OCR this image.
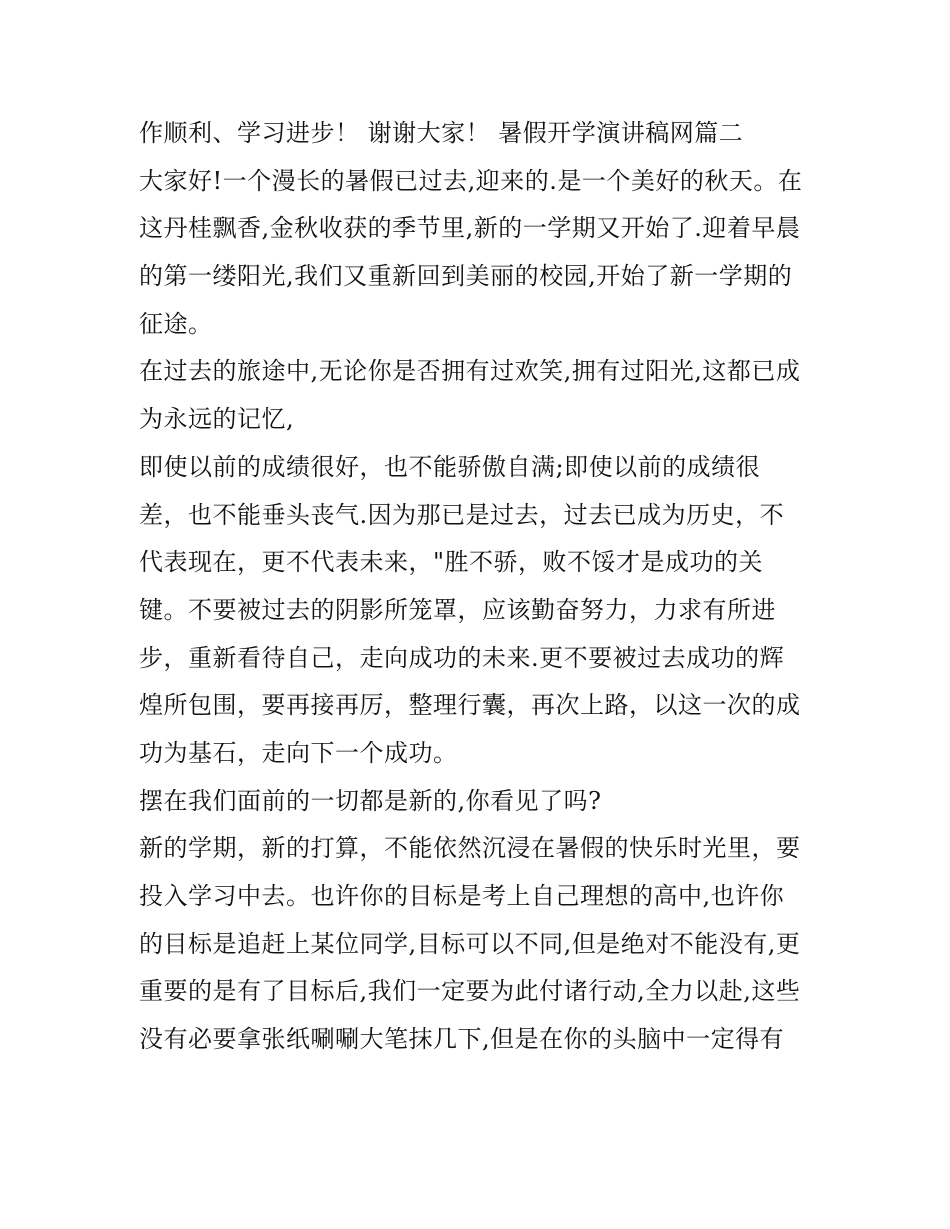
作顺利、学习进步！ 谢谢大家！ 暑假开学演讲稿网篇二
大家好!一个漫长的暑假已过去,迎来的.是一个美好的秋天。在
这丹桂飘香,金秋收获的季节里,新的一学期又开始了.迎着早晨
的第一缕阳光,我们又重新回到美丽的校园,开始了新一学期的
征途。
在过去的旅途中,无论你是否拥有过欢笑,拥有过阳光,这都已成
为永远的记忆,
即使以前的成绩很好，也不能骄傲自满;即使以前的成绩很
差，也不能垂头丧气.因为那已是过去，过去已成为历史，不
代表现在，更不代表未来，"胜不骄，败不馁才是成功的关
键。不要被过去的阴影所笼罩，应该勤奋努力，力求有所进
步，重新看待自己，走向成功的未来.更不要被过去成功的辉
煌所包围，要再接再厉，整理行囊，再次上路，以这一次的成
功为基石，走向下一个成功。
摆在我们面前的一切都是新的,你看见了吗?
新的学期，新的打算，不能依然沉浸在暑假的快乐时光里，要
投入学习中去。也许你的目标是考上自己理想的高中,也许你
的目标是追赶上某位同学,目标可以不同,但是绝对不能没有,更
重要的是有了目标后,我们一定要为此付诸行动,全力以赴,这些
没有必要拿张纸唰唰大笔抹几下,但是在你的头脑中一定得有
